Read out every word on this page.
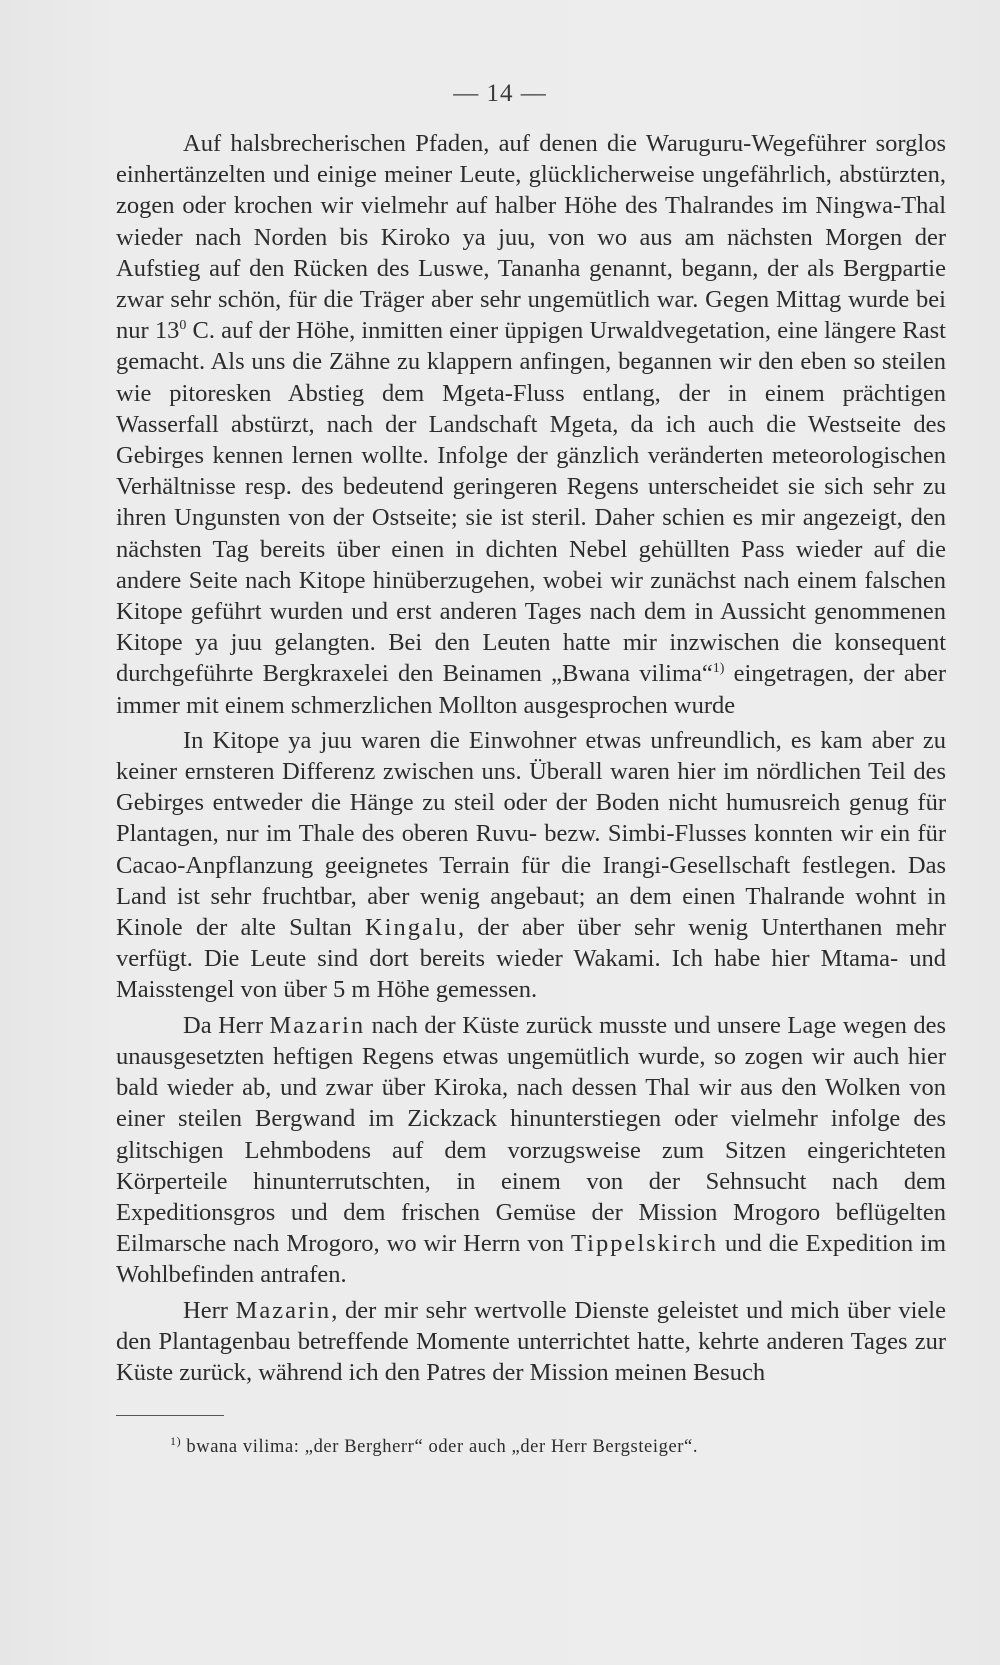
— 14 —

Auf halsbrecherischen Pfaden, auf denen die Waruguru-Wegeführer sorglos einhertänzelten und einige meiner Leute, glücklicherweise ungefährlich, abstürzten, zogen oder krochen wir vielmehr auf halber Höhe des Thalrandes im Ningwa-Thal wieder nach Norden bis Kiroko ya juu, von wo aus am nächsten Morgen der Aufstieg auf den Rücken des Luswe, Tananha genannt, begann, der als Bergpartie zwar sehr schön, für die Träger aber sehr ungemütlich war. Gegen Mittag wurde bei nur $13^0$ C. auf der Höhe, inmitten einer üppigen Urwaldvegetation, eine längere Rast gemacht. Als uns die Zähne zu klappern anfingen, begannen wir den eben so steilen wie pitoresken Abstieg dem Mgeta-Fluss entlang, der in einem prächtigen Wasserfall abstürzt, nach der Landschaft Mgeta, da ich auch die Westseite des Gebirges kennen lernen wollte. Infolge der gänzlich veränderten meteorologischen Verhältnisse resp. des bedeutend geringeren Regens unterscheidet sie sich sehr zu ihren Ungunsten von der Ostseite; sie ist steril. Daher schien es mir angezeigt, den nächsten Tag bereits über einen in dichten Nebel gehüllten Pass wieder auf die andere Seite nach Kitope hinüberzugehen, wobei wir zunächst nach einem falschen Kitope geführt wurden und erst anderen Tages nach dem in Aussicht genommenen Kitope ya juu gelangten. Bei den Leuten hatte mir inzwischen die konsequent durchgeführte Bergkraxelei den Beinamen „Bwana vilima“$^{1)}$ eingetragen, der aber immer mit einem schmerzlichen Mollton ausgesprochen wurde

In Kitope ya juu waren die Einwohner etwas unfreundlich, es kam aber zu keiner ernsteren Differenz zwischen uns. Überall waren hier im nördlichen Teil des Gebirges entweder die Hänge zu steil oder der Boden nicht humusreich genug für Plantagen, nur im Thale des oberen Ruvu- bezw. Simbi-Flusses konnten wir ein für Cacao-Anpflanzung geeignetes Terrain für die Irangi-Gesellschaft festlegen. Das Land ist sehr fruchtbar, aber wenig angebaut; an dem einen Thalrande wohnt in Kinole der alte Sultan Kingalu, der aber über sehr wenig Unterthanen mehr verfügt. Die Leute sind dort bereits wieder Wakami. Ich habe hier Mtama- und Maisstengel von über 5 m Höhe gemessen.

Da Herr Mazarin nach der Küste zurück musste und unsere Lage wegen des unausgesetzten heftigen Regens etwas ungemütlich wurde, so zogen wir auch hier bald wieder ab, und zwar über Kiroka, nach dessen Thal wir aus den Wolken von einer steilen Bergwand im Zickzack hinunterstiegen oder vielmehr infolge des glitschigen Lehmbodens auf dem vorzugsweise zum Sitzen eingerichteten Körperteile hinunterrutschten, in einem von der Sehnsucht nach dem Expeditionsgros und dem frischen Gemüse der Mission Mrogoro beflügelten Eilmarsche nach Mrogoro, wo wir Herrn von Tippelskirch und die Expedition im Wohlbefinden antrafen.

Herr Mazarin, der mir sehr wertvolle Dienste geleistet und mich über viele den Plantagenbau betreffende Momente unterrichtet hatte, kehrte anderen Tages zur Küste zurück, während ich den Patres der Mission meinen Besuch

$^{1)}$ bwana vilima: „der Bergherr“ oder auch „der Herr Bergsteiger“.
